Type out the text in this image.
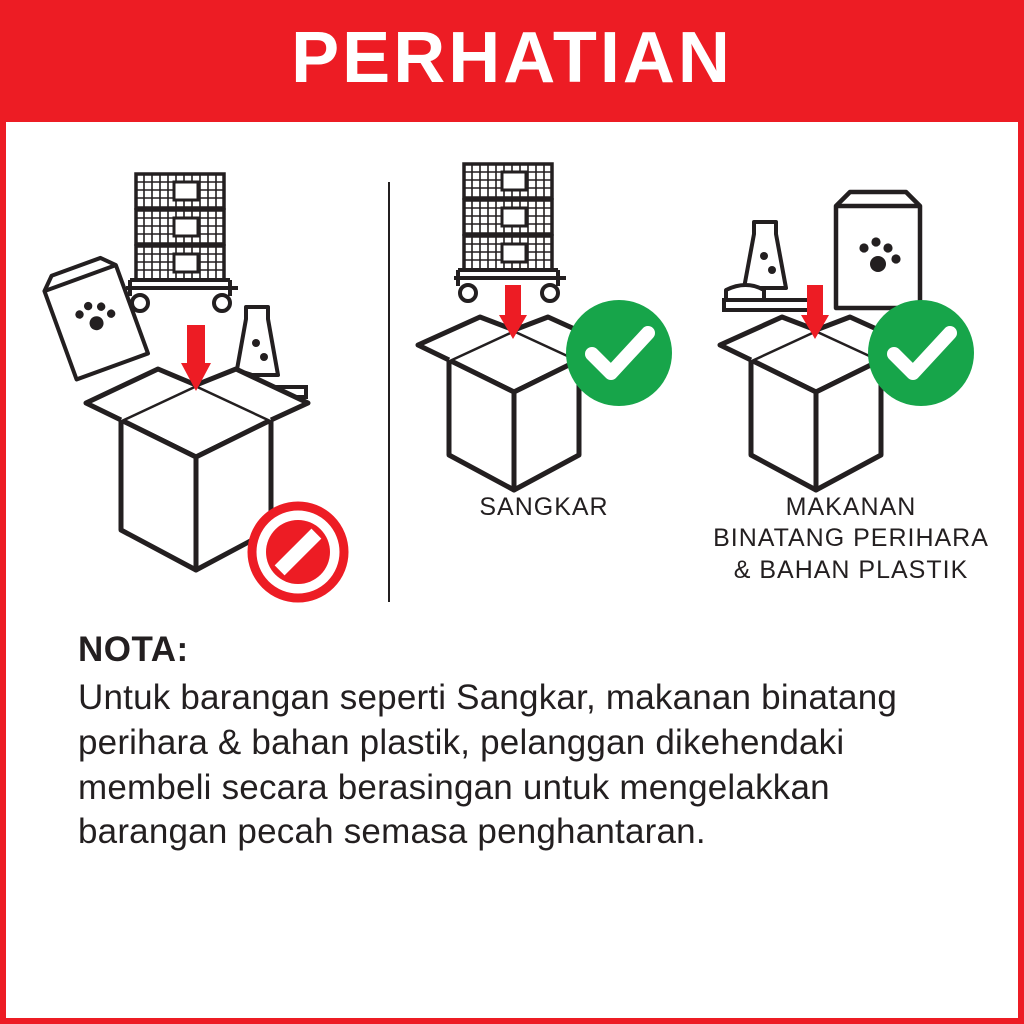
PERHATIAN
SANGKAR	MAKANAN
BINATANG PERIHARA
& BAHAN PLASTIK

NOTA:

Untuk barangan seperti Sangkar, makanan binatang perihara & bahan plastik, pelanggan dikehendaki membeli secara berasingan untuk mengelakkan barangan pecah semasa penghantaran.
